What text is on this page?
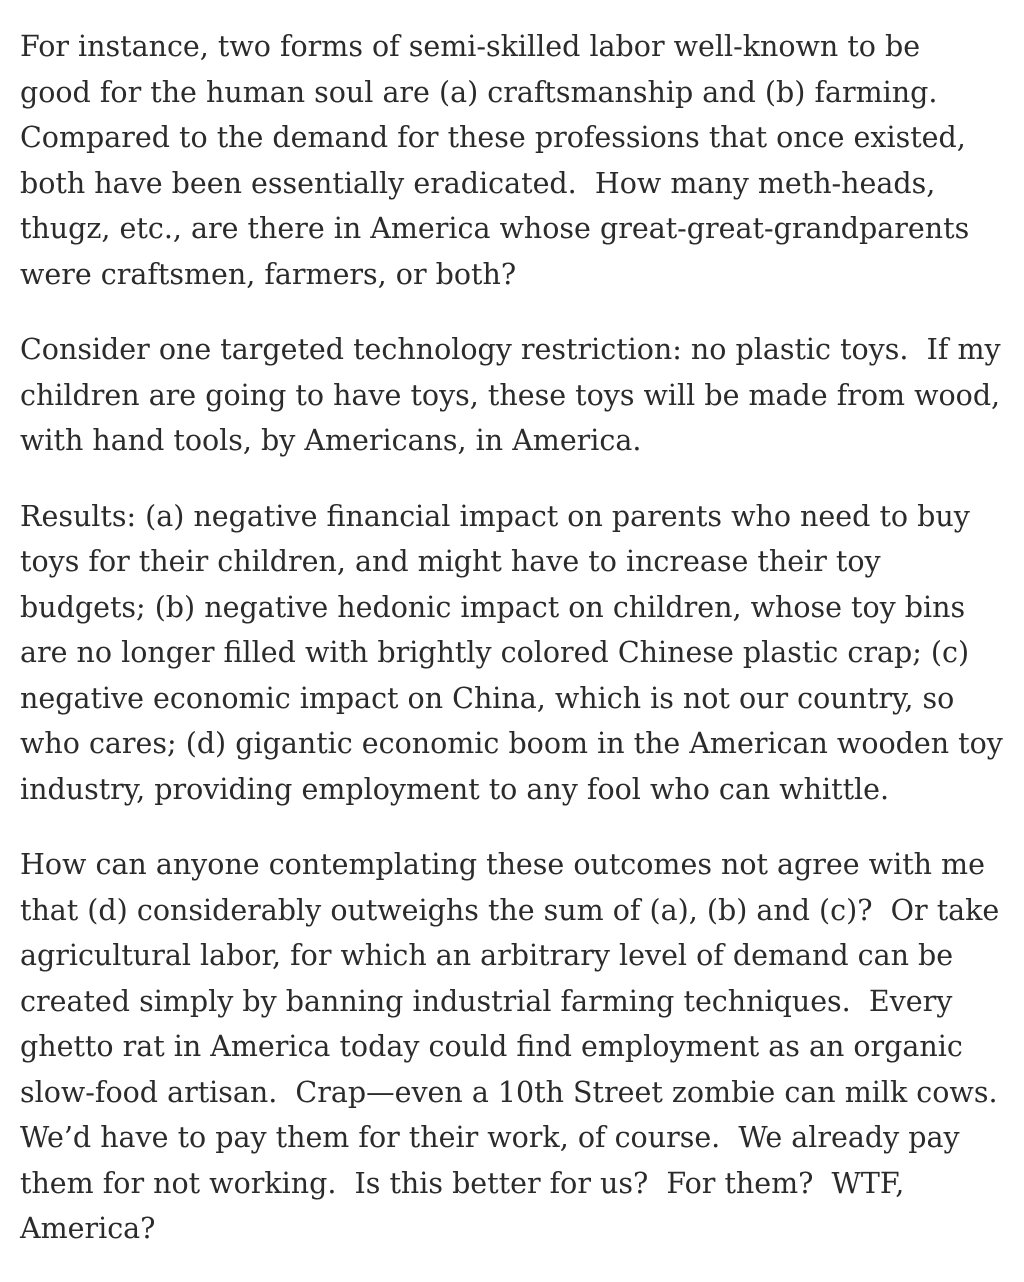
For instance, two forms of semi-skilled labor well-known to be
good for the human soul are (a) craftsmanship and (b) farming.
Compared to the demand for these professions that once existed,
both have been essentially eradicated.  How many meth-heads,
thugz, etc., are there in America whose great-great-grandparents
were craftsmen, farmers, or both?

Consider one targeted technology restriction: no plastic toys.  If my
children are going to have toys, these toys will be made from wood,
with hand tools, by Americans, in America.

Results: (a) negative financial impact on parents who need to buy
toys for their children, and might have to increase their toy
budgets; (b) negative hedonic impact on children, whose toy bins
are no longer filled with brightly colored Chinese plastic crap; (c)
negative economic impact on China, which is not our country, so
who cares; (d) gigantic economic boom in the American wooden toy
industry, providing employment to any fool who can whittle.

How can anyone contemplating these outcomes not agree with me
that (d) considerably outweighs the sum of (a), (b) and (c)?  Or take
agricultural labor, for which an arbitrary level of demand can be
created simply by banning industrial farming techniques.  Every
ghetto rat in America today could find employment as an organic
slow-food artisan.  Crap—even a 10th Street zombie can milk cows.
We’d have to pay them for their work, of course.  We already pay
them for not working.  Is this better for us?  For them?  WTF,
America?
